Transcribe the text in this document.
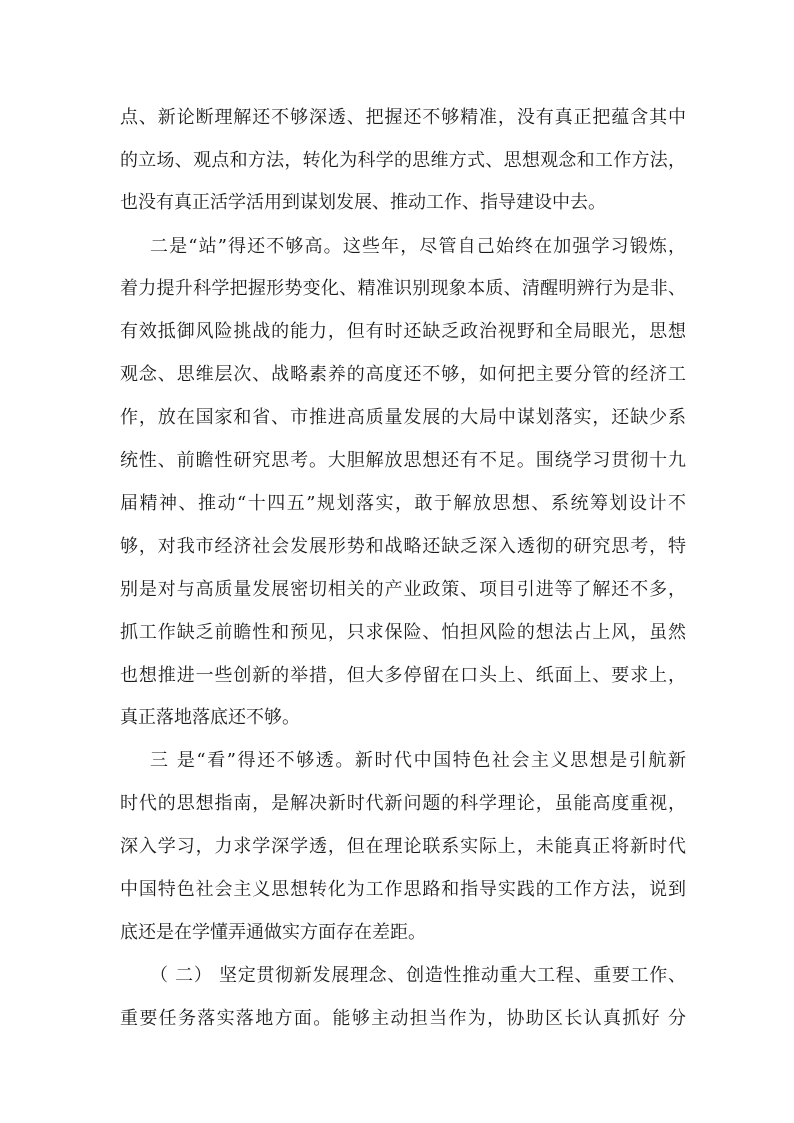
点、新论断理解还不够深透、把握还不够精准，没有真正把蕴含其中
的立场、观点和方法，转化为科学的思维方式、思想观念和工作方法，
也没有真正活学活用到谋划发展、推动工作、指导建设中去。
二是“站”得还不够高。这些年，尽管自己始终在加强学习锻炼，
着力提升科学把握形势变化、精准识别现象本质、清醒明辨行为是非、
有效抵御风险挑战的能力，但有时还缺乏政治视野和全局眼光，思想
观念、思维层次、战略素养的高度还不够，如何把主要分管的经济工
作，放在国家和省、市推进高质量发展的大局中谋划落实，还缺少系
统性、前瞻性研究思考。大胆解放思想还有不足。围绕学习贯彻十九
届精神、推动“十四五”规划落实，敢于解放思想、系统筹划设计不
够，对我市经济社会发展形势和战略还缺乏深入透彻的研究思考，特
别是对与高质量发展密切相关的产业政策、项目引进等了解还不多，
抓工作缺乏前瞻性和预见，只求保险、怕担风险的想法占上风，虽然
也想推进一些创新的举措，但大多停留在口头上、纸面上、要求上，
真正落地落底还不够。
三 是“看”得还不够透。新时代中国特色社会主义思想是引航新
时代的思想指南，是解决新时代新问题的科学理论，虽能高度重视，
深入学习，力求学深学透，但在理论联系实际上，未能真正将新时代
中国特色社会主义思想转化为工作思路和指导实践的工作方法，说到
底还是在学懂弄通做实方面存在差距。
（ 二） 坚定贯彻新发展理念、创造性推动重大工程、重要工作、
重要任务落实落地方面。能够主动担当作为，协助区长认真抓好 分
